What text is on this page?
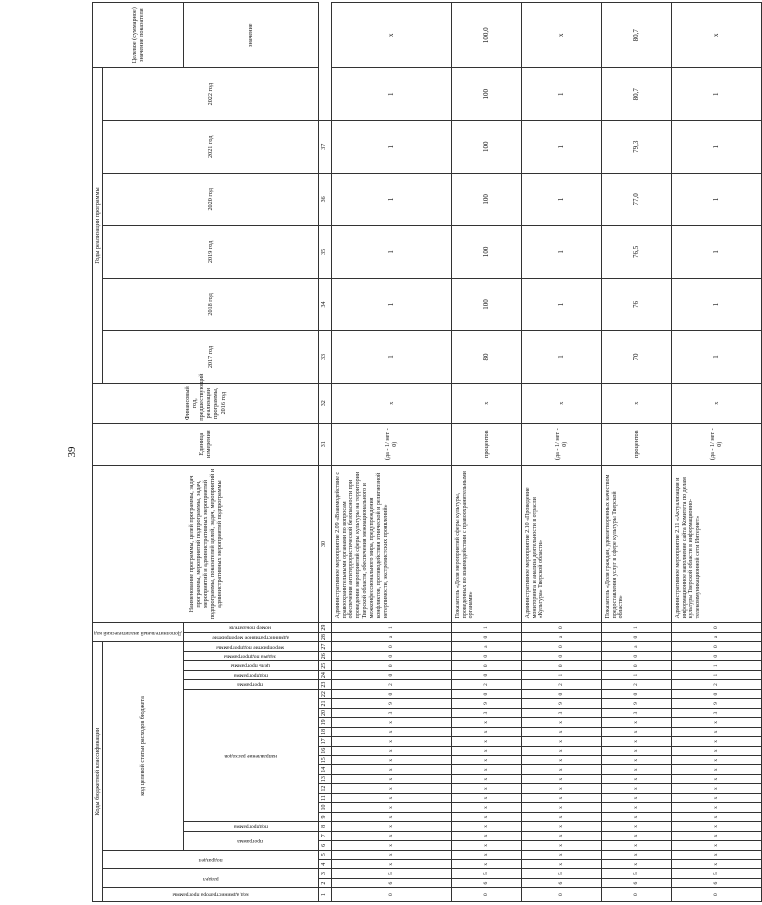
39
Коды бюджетной классификации																											Дополнительный аналитический код		Наименование программы, целей программы, задач программы, мероприятий подпрограммы, задач, мероприятий и административных мероприятий подпрограммы, показателей целей, задач, мероприятий и административных мероприятий подпрограммы	Единица измерения	Финансовый год, предшествующий реализации программы, 2016 год	Годы реализации программы						Целевое (суммарное) значение показателя
код администратора программы	раздел		подраздел		код целевой статьи расходов бюджета																											2017 год	2018 год	2019 год	2020 год	2021 год	2022 год	
					программа		подпрограмма	направление расходов														программа	подпрограмма	цель программы	задача подпрограммы	мероприятие подпрограммы	административное мероприятие	номер показателя										значение
1	2	3	4	5	6	7	8	9	10	11	12	13	14	15	16	17	18	19	20	21	22	23	24	25	26	27	28	29	30	31	32	33	34	35	36	37		
0	6	5	х	х	х	х	х	х	х	х	х	х	х	х	х	х	х	х	3	9	0	2	0	0	0	0	а	1	Административное мероприятие 2.09 «Взаимодействие с правоохранительными органами по вопросам обеспечения антитеррористической безопасности при проведении мероприятий сферы культуры на территории Тверской области, обеспечения межнационального и межконфессионального мира, предупреждения конфликтов, противодействия этнической и религиозной нетерпимости, экстремистских проявлений»	(да - 1/ нет - 0)	х	1	1	1	1	1	1	х
0	6	5	х	х	х	х	х	х	х	х	х	х	х	х	х	х	х	х	3	9	0	2	0	0	0	а	0	1	Показатель «Доля мероприятий сферы культуры, проведенных во взаимодействии с правоохранительными органами»	процентов	х	80	100	100	100	100	100	100,0
0	6	5	х	х	х	х	х	х	х	х	х	х	х	х	х	х	х	х	3	9	0	2	1	0	0	0	а	0	Административное мероприятие 2.10 «Проведение мониторинга и анализа деятельности в отрасли «Культура» Тверской области»	(да - 1/ нет - 0)	х	1	1	1	1	1	1	х
0	6	5	х	х	х	х	х	х	х	х	х	х	х	х	х	х	х	х	3	9	0	2	1	0	0	а	0	1	Показатель «Доля граждан, удовлетворенных качеством предоставления услуг в сфере культуры Тверской области»	процентов	х	70	76	76,5	77,0	79,3	80,7	80,7
0	6	5	х	х	х	х	х	х	х	х	х	х	х	х	х	х	х	х	3	9	0	2	1	1	0	0	а	0	Административное мероприятие 2.11 «Актуализация и информационное наполнение сайта Комитета по делам культуры Тверской области в информационно-телекоммуникационной сети Интернет»	(да - 1/ нет - 0)	х	1	1	1	1	1	1	х
